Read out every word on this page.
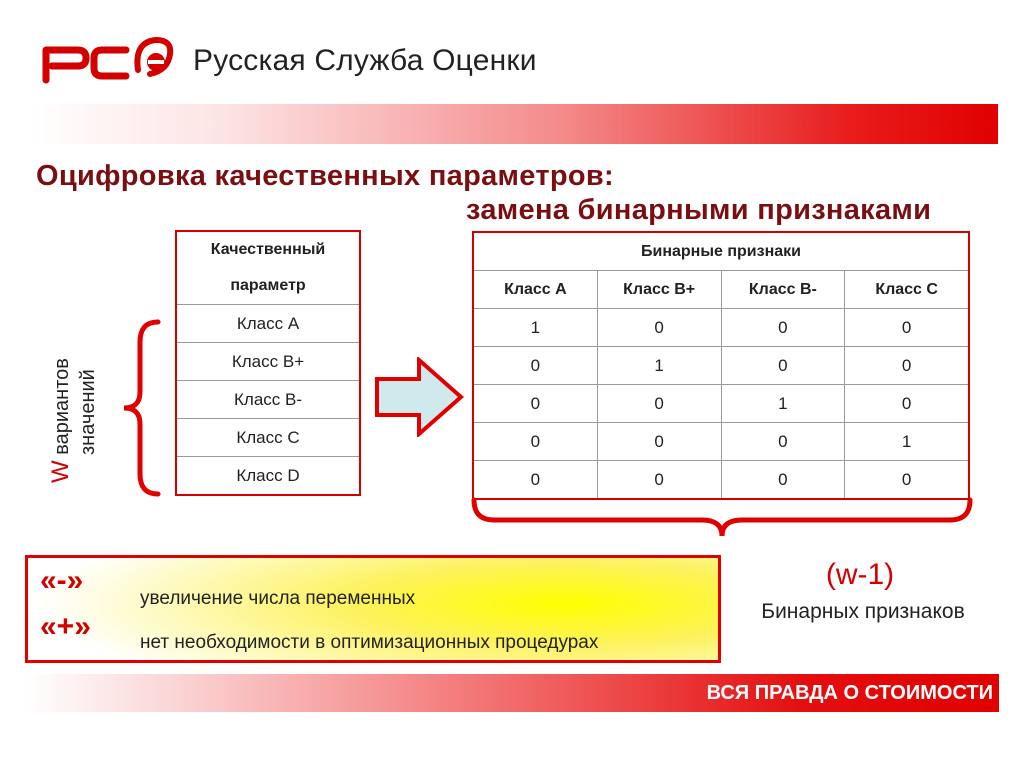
Русская Служба Оценки
Оцифровка качественных параметров:
замена бинарными признаками
Качественный
параметр
Класс А
Класс В+
Класс В-
Класс С
Класс D
W вариантов значений
Бинарные признаки			
Класс А	Класс В+	Класс В-	Класс С
1	0	0	0
0	1	0	0
0	0	1	0
0	0	0	1
0	0	0	0
(w-1)
Бинарных признаков
«-»
увеличение числа переменных
«+»	нет необходимости в оптимизационных процедурах
ВСЯ ПРАВДА О СТОИМОСТИ
